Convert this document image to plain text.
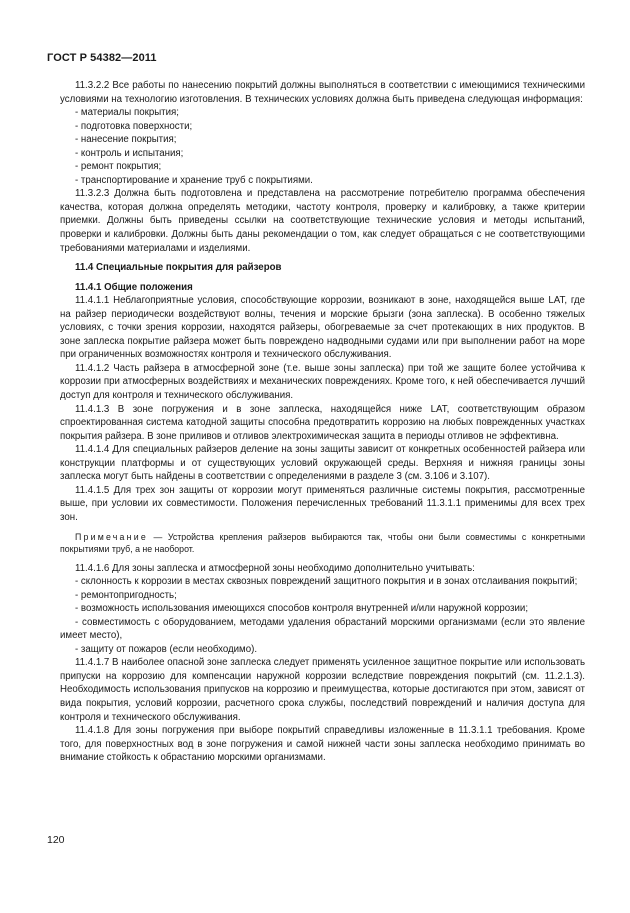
ГОСТ Р 54382—2011

11.3.2.2 Все работы по нанесению покрытий должны выполняться в соответствии с имеющимися техническими условиями на технологию изготовления. В технических условиях должна быть приведена следующая информация:

- материалы покрытия;

- подготовка поверхности;

- нанесение покрытия;

- контроль и испытания;

- ремонт покрытия;

- транспортирование и хранение труб с покрытиями.

11.3.2.3 Должна быть подготовлена и представлена на рассмотрение потребителю программа обеспечения качества, которая должна определять методики, частоту контроля, проверку и калибровку, а также критерии приемки. Должны быть приведены ссылки на соответствующие технические условия и методы испытаний, проверки и калибровки. Должны быть даны рекомендации о том, как следует обращаться с не соответствующими требованиями материалами и изделиями.

11.4 Специальные покрытия для райзеров

11.4.1 Общие положения

11.4.1.1 Неблагоприятные условия, способствующие коррозии, возникают в зоне, находящейся выше LAT, где на райзер периодически воздействуют волны, течения и морские брызги (зона заплеска). В особенно тяжелых условиях, с точки зрения коррозии, находятся райзеры, обогреваемые за счет протекающих в них продуктов. В зоне заплеска покрытие райзера может быть повреждено надводными судами или при выполнении работ на море при ограниченных возможностях контроля и технического обслуживания.

11.4.1.2 Часть райзера в атмосферной зоне (т.е. выше зоны заплеска) при той же защите более устойчива к коррозии при атмосферных воздействиях и механических повреждениях. Кроме того, к ней обеспечивается лучший доступ для контроля и технического обслуживания.

11.4.1.3 В зоне погружения и в зоне заплеска, находящейся ниже LAT, соответствующим образом спроектированная система катодной защиты способна предотвратить коррозию на любых поврежденных участках покрытия райзера. В зоне приливов и отливов электрохимическая защита в периоды отливов не эффективна.

11.4.1.4 Для специальных райзеров деление на зоны защиты зависит от конкретных особенностей райзера или конструкции платформы и от существующих условий окружающей среды. Верхняя и нижняя границы зоны заплеска могут быть найдены в соответствии с определениями в разделе 3 (см. 3.106 и 3.107).

11.4.1.5 Для трех зон защиты от коррозии могут применяться различные системы покрытия, рассмотренные выше, при условии их совместимости. Положения перечисленных требований 11.3.1.1 применимы для всех трех зон.

Примечание — Устройства крепления райзеров выбираются так, чтобы они были совместимы с конкретными покрытиями труб, а не наоборот.

11.4.1.6 Для зоны заплеска и атмосферной зоны необходимо дополнительно учитывать:

- склонность к коррозии в местах сквозных повреждений защитного покрытия и в зонах отслаивания покрытий;

- ремонтопригодность;

- возможность использования имеющихся способов контроля внутренней и/или наружной коррозии;

- совместимость с оборудованием, методами удаления обрастаний морскими организмами (если это явление имеет место),

- защиту от пожаров (если необходимо).

11.4.1.7 В наиболее опасной зоне заплеска следует применять усиленное защитное покрытие или использовать припуски на коррозию для компенсации наружной коррозии вследствие повреждения покрытий (см. 11.2.1.3). Необходимость использования припусков на коррозию и преимущества, которые достигаются при этом, зависят от вида покрытия, условий коррозии, расчетного срока службы, последствий повреждений и наличия доступа для контроля и технического обслуживания.

11.4.1.8 Для зоны погружения при выборе покрытий справедливы изложенные в 11.3.1.1 требования. Кроме того, для поверхностных вод в зоне погружения и самой нижней части зоны заплеска необходимо принимать во внимание стойкость к обрастанию морскими организмами.

120
